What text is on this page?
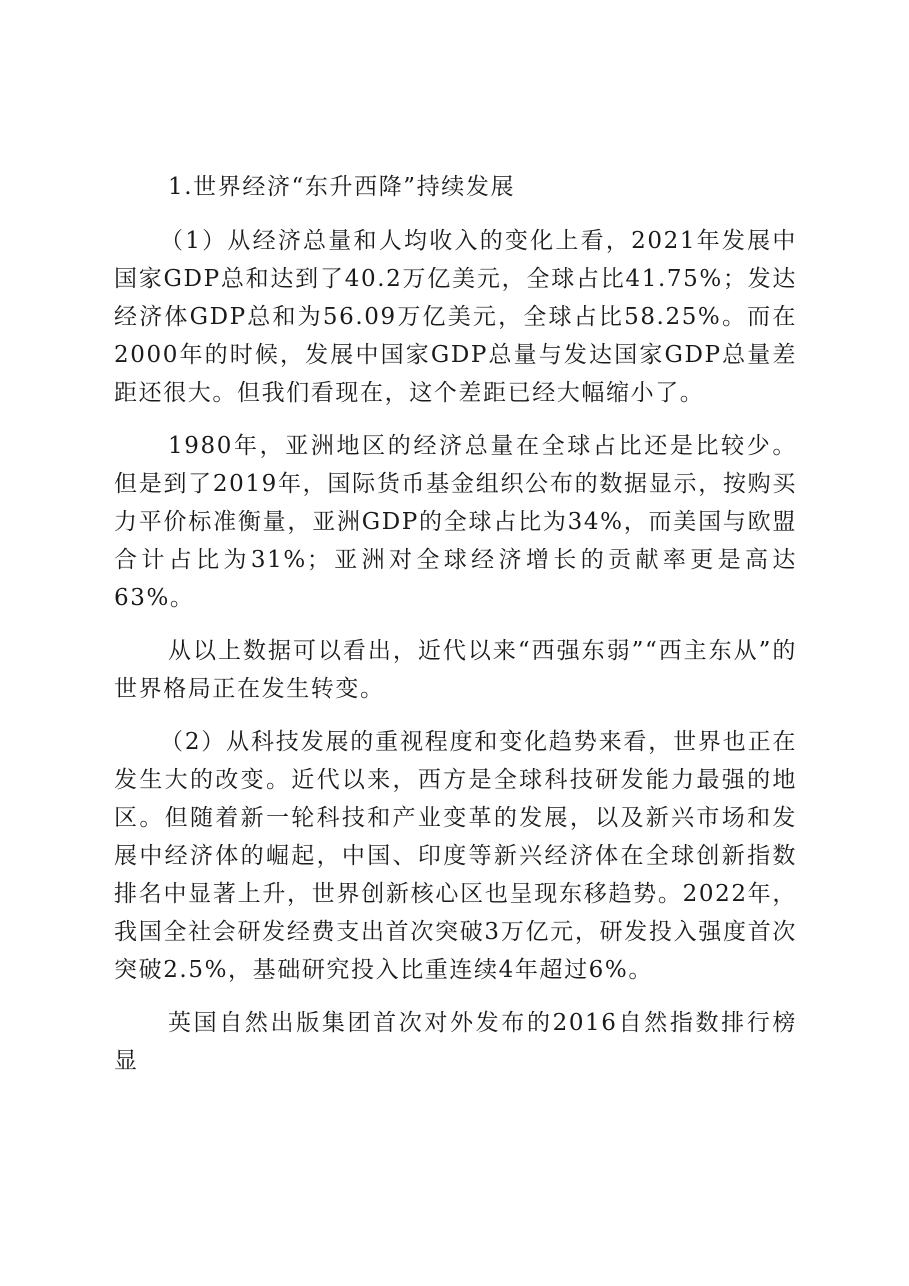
1.世界经济“东升西降”持续发展

（1）从经济总量和人均收入的变化上看，2021年发展中国家GDP总和达到了40.2万亿美元，全球占比41.75%；发达经济体GDP总和为56.09万亿美元，全球占比58.25%。而在2000年的时候，发展中国家GDP总量与发达国家GDP总量差距还很大。但我们看现在，这个差距已经大幅缩小了。

1980年，亚洲地区的经济总量在全球占比还是比较少。但是到了2019年，国际货币基金组织公布的数据显示，按购买力平价标准衡量，亚洲GDP的全球占比为34%，而美国与欧盟合计占比为31%；亚洲对全球经济增长的贡献率更是高达63%。

从以上数据可以看出，近代以来“西强东弱”“西主东从”的世界格局正在发生转变。

（2）从科技发展的重视程度和变化趋势来看，世界也正在发生大的改变。近代以来，西方是全球科技研发能力最强的地区。但随着新一轮科技和产业变革的发展，以及新兴市场和发展中经济体的崛起，中国、印度等新兴经济体在全球创新指数排名中显著上升，世界创新核心区也呈现东移趋势。2022年，我国全社会研发经费支出首次突破3万亿元，研发投入强度首次突破2.5%，基础研究投入比重连续4年超过6%。

英国自然出版集团首次对外发布的2016自然指数排行榜显
